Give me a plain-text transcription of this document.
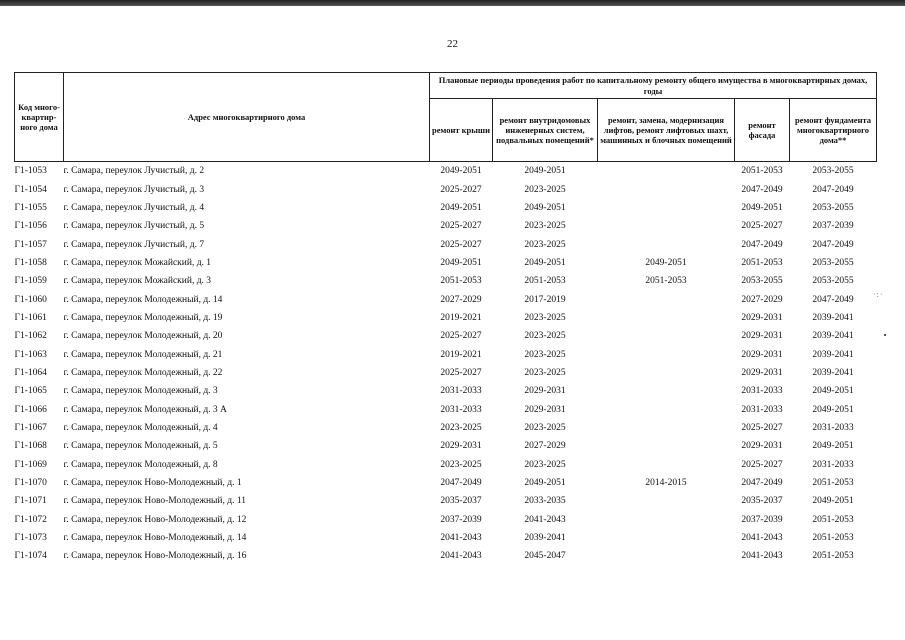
22
Код много-квартир-ного дома	Адрес многоквартирного дома	Плановые периоды проведения работ по капитальному ремонту общего имущества в многоквартирных домах, годы				
		ремонт крыши	ремонт внутридомовых инженерных систем, подвальных помещений*	ремонт, замена, модернизация лифтов, ремонт лифтовых шахт, машинных и блочных помещений	ремонт фасада	ремонт фундамента многоквартирного дома**
Г1-1053	г. Самара, переулок Лучистый, д. 2	2049-2051	2049-2051		2051-2053	2053-2055
Г1-1054	г. Самара, переулок Лучистый, д. 3	2025-2027	2023-2025		2047-2049	2047-2049
Г1-1055	г. Самара, переулок Лучистый, д. 4	2049-2051	2049-2051		2049-2051	2053-2055
Г1-1056	г. Самара, переулок Лучистый, д. 5	2025-2027	2023-2025		2025-2027	2037-2039
Г1-1057	г. Самара, переулок Лучистый, д. 7	2025-2027	2023-2025		2047-2049	2047-2049
Г1-1058	г. Самара, переулок Можайский, д. 1	2049-2051	2049-2051	2049-2051	2051-2053	2053-2055
Г1-1059	г. Самара, переулок Можайский, д. 3	2051-2053	2051-2053	2051-2053	2053-2055	2053-2055
Г1-1060	г. Самара, переулок Молодежный, д. 14	2027-2029	2017-2019		2027-2029	2047-2049
Г1-1061	г. Самара, переулок Молодежный, д. 19	2019-2021	2023-2025		2029-2031	2039-2041
Г1-1062	г. Самара, переулок Молодежный, д. 20	2025-2027	2023-2025		2029-2031	2039-2041
Г1-1063	г. Самара, переулок Молодежный, д. 21	2019-2021	2023-2025		2029-2031	2039-2041
Г1-1064	г. Самара, переулок Молодежный, д. 22	2025-2027	2023-2025		2029-2031	2039-2041
Г1-1065	г. Самара, переулок Молодежный, д. 3	2031-2033	2029-2031		2031-2033	2049-2051
Г1-1066	г. Самара, переулок Молодежный, д. 3 А	2031-2033	2029-2031		2031-2033	2049-2051
Г1-1067	г. Самара, переулок Молодежный, д. 4	2023-2025	2023-2025		2025-2027	2031-2033
Г1-1068	г. Самара, переулок Молодежный, д. 5	2029-2031	2027-2029		2029-2031	2049-2051
Г1-1069	г. Самара, переулок Молодежный, д. 8	2023-2025	2023-2025		2025-2027	2031-2033
Г1-1070	г. Самара, переулок Ново-Молодежный, д. 1	2047-2049	2049-2051	2014-2015	2047-2049	2051-2053
Г1-1071	г. Самара, переулок Ново-Молодежный, д. 11	2035-2037	2033-2035		2035-2037	2049-2051
Г1-1072	г. Самара, переулок Ново-Молодежный, д. 12	2037-2039	2041-2043		2037-2039	2051-2053
Г1-1073	г. Самара, переулок Ново-Молодежный, д. 14	2041-2043	2039-2041		2041-2043	2051-2053
Г1-1074	г. Самара, переулок Ново-Молодежный, д. 16	2041-2043	2045-2047		2041-2043	2051-2053
·:·
